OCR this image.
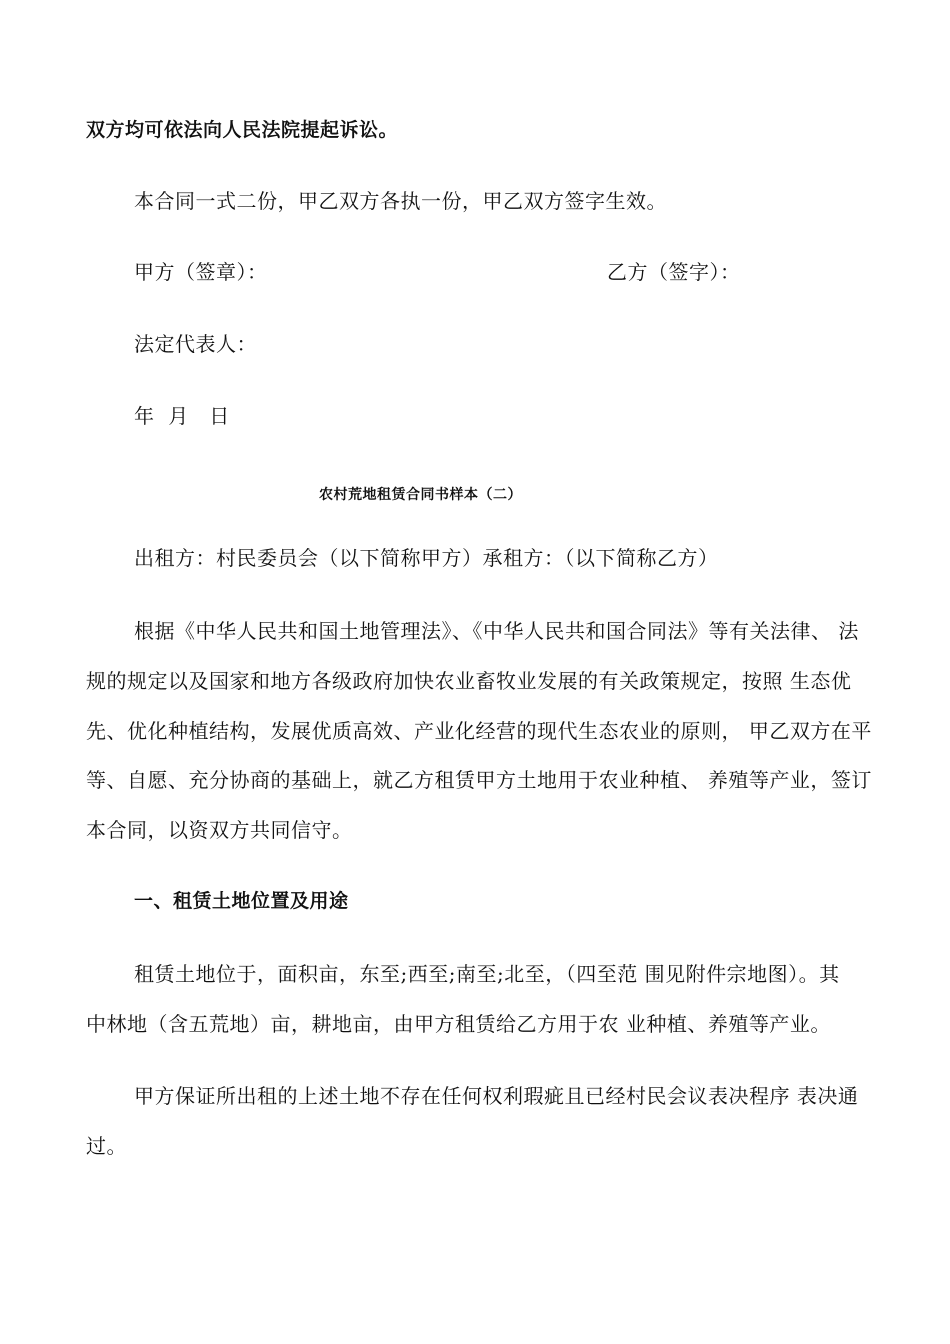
双方均可依法向人民法院提起诉讼。
本合同一式二份，甲乙双方各执一份，甲乙双方签字生效。
甲方（签章）：	乙方（签字）：
法定代表人：
年  月   日
农村荒地租赁合同书样本（二）
出租方：村民委员会（以下简称甲方）承租方：（以下简称乙方）
根据《中华人民共和国土地管理法》、《中华人民共和国合同法》等有关法律、 法
规的规定以及国家和地方各级政府加快农业畜牧业发展的有关政策规定，按照 生态优
先、优化种植结构，发展优质高效、产业化经营的现代生态农业的原则， 甲乙双方在平
等、自愿、充分协商的基础上，就乙方租赁甲方土地用于农业种植、 养殖等产业，签订
本合同，以资双方共同信守。
一、租赁土地位置及用途
租赁土地位于，面积亩，东至;西至;南至;北至，（四至范 围见附件宗地图）。其
中林地（含五荒地）亩，耕地亩，由甲方租赁给乙方用于农 业种植、养殖等产业。
甲方保证所出租的上述土地不存在任何权利瑕疵且已经村民会议表决程序 表决通
过。
